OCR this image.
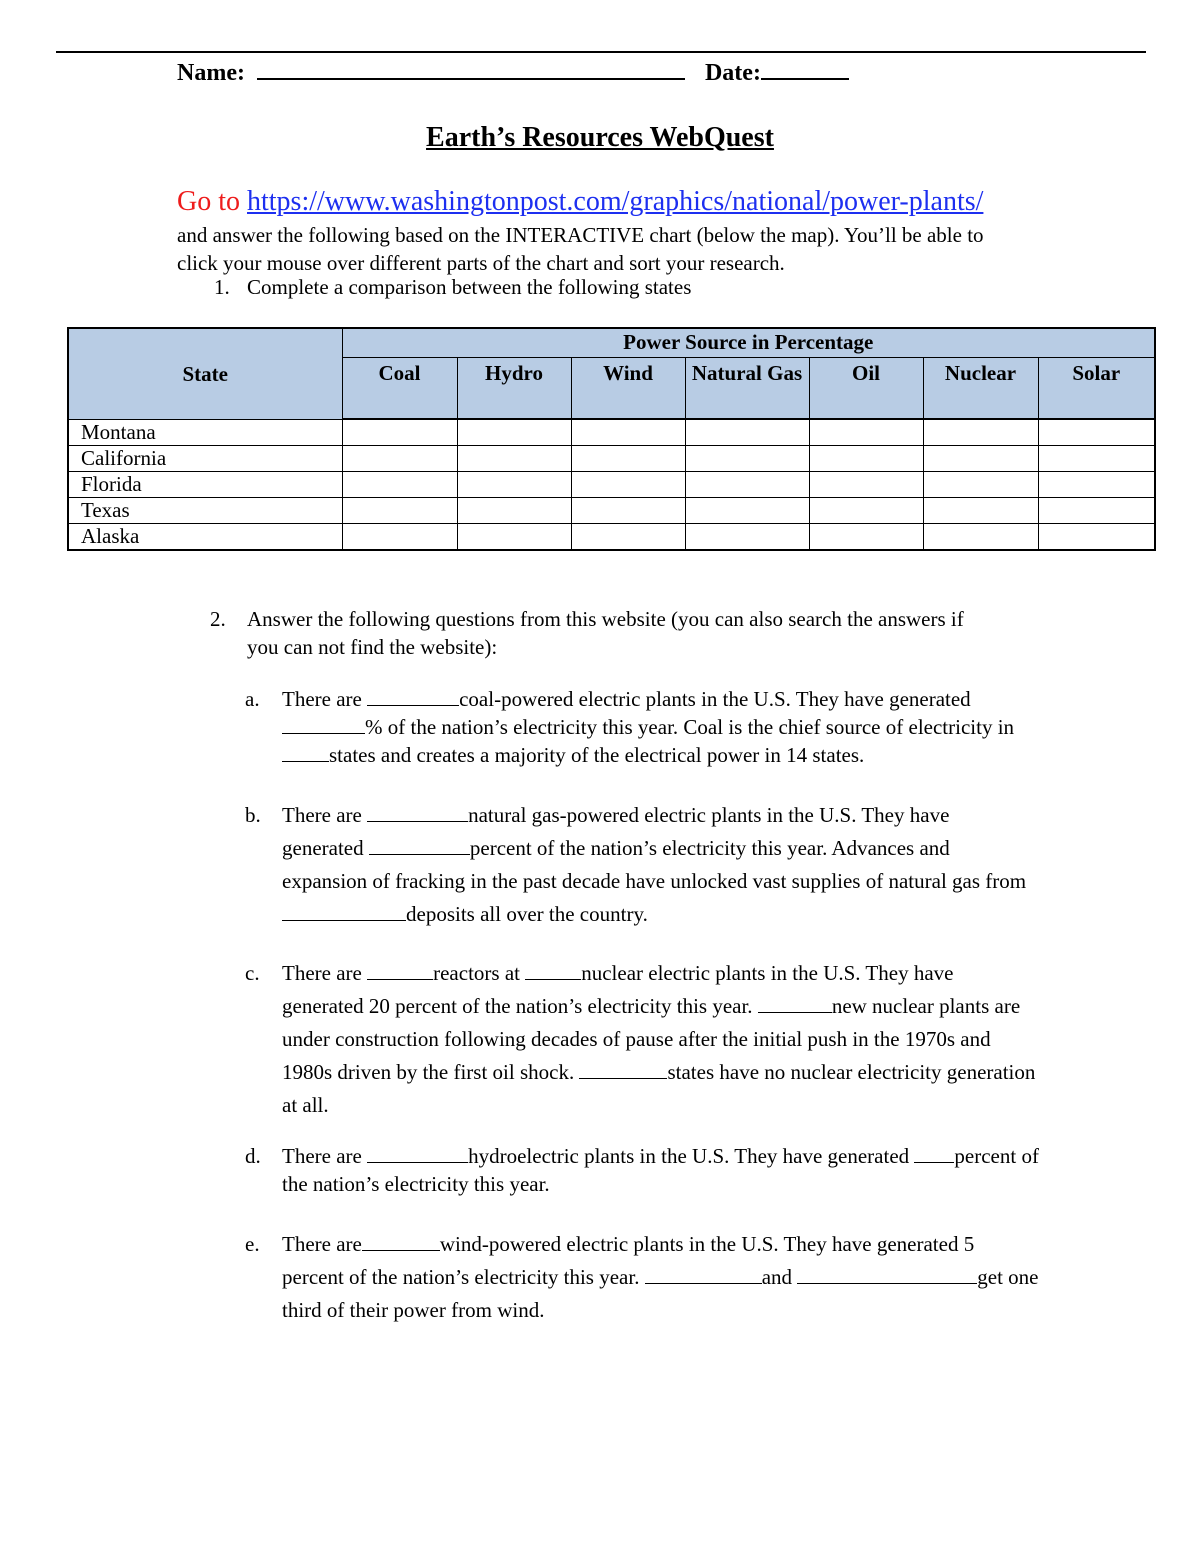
Name:	Date:
Earth’s Resources WebQuest
Go to https://www.washingtonpost.com/graphics/national/power-plants/

and answer the following based on the INTERACTIVE chart (below the map). You’ll be able to

click your mouse over different parts of the chart and sort your research.

1. Complete a comparison between the following states
State	Power Source in Percentage						
	Coal	Hydro	Wind	Natural Gas	Oil	Nuclear	Solar
Montana							
California							
Florida							
Texas							
Alaska							
2. Answer the following questions from this website (you can also search the answers if
you can not find the website):
a. There are	coal-powered electric plants in the U.S. They have generated
% of the nation’s electricity this year. Coal is the chief source of electricity in
states and creates a majority of the electrical power in 14 states.
b. There are	natural gas-powered electric plants in the U.S. They have
generated	percent of the nation’s electricity this year. Advances and
expansion of fracking in the past decade have unlocked vast supplies of natural gas from
deposits all over the country.
c. There are	reactors at	nuclear electric plants in the U.S. They have
generated 20 percent of the nation’s electricity this year.	new nuclear plants are
under construction following decades of pause after the initial push in the 1970s and
1980s driven by the first oil shock.	states have no nuclear electricity generation
at all.
d. There are	hydroelectric plants in the U.S. They have generated percent of
the nation’s electricity this year.
e. There are	wind-powered electric plants in the U.S. They have generated 5
percent of the nation’s electricity this year.	and	get one
third of their power from wind.
